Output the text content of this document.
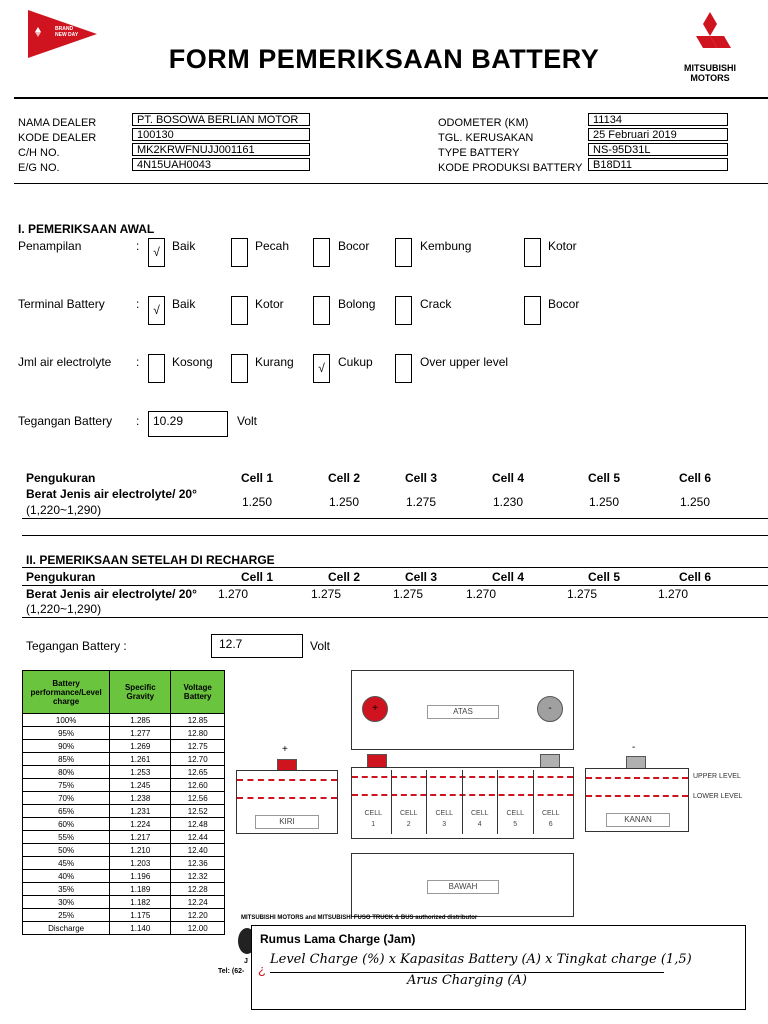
BRAND NEW DAY
FORM PEMERIKSAAN BATTERY	MITSUBISHI
MOTORS
NAMA DEALER	PT. BOSOWA BERLIAN MOTOR
KODE DEALER	100130
C/H NO.	MK2KRWFNUJJ001161
E/G NO.	4N15UAH0043
ODOMETER (KM)	11134
TGL. KERUSAKAN	25 Februari 2019
TYPE BATTERY	NS-95D31L
KODE PRODUKSI BATTERY B18D11
I. PEMERIKSAAN AWAL
Penampilan	:	√	Baik	Pecah	Bocor	Kembung	Kotor
Terminal Battery	:	√	Baik	Kotor	Bolong	Crack	Bocor
Jml air electrolyte :	Kosong	Kurang	√	Cukup	Over upper level
Tegangan Battery :	10.29	Volt
Pengukuran
Berat Jenis air electrolyte/ 20°
(1,220~1,290)
Cell 1	Cell 2	Cell 3	Cell 4	Cell 5	Cell 6
1.250	1.250	1.275	1.230	1.250	1.250
II. PEMERIKSAAN SETELAH DI RECHARGE
Pengukuran	Cell 1	Cell 2	Cell 3	Cell 4	Cell 5	Cell 6
Berat Jenis air electrolyte/ 20°
(1,220~1,290)
1.270	1.275	1.275	1.270	1.275	1.270
Tegangan Battery :	12.7	Volt
Battery performance/Level charge	Specific Gravity	Voltage Battery
100%	1.285	12.85
95%	1.277	12.80
90%	1.269	12.75
85%	1.261	12.70
80%	1.253	12.65
75%	1.245	12.60
70%	1.238	12.56
65%	1.231	12.52
60%	1.224	12.48
55%	1.217	12.44
50%	1.210	12.40
45%	1.203	12.36
40%	1.196	12.32
35%	1.189	12.28
30%	1.182	12.24
25%	1.175	12.20
Discharge	1.140	12.00
+	-
ATAS
+
KIRI
CELL
1
CELL
2
CELL
3
CELL
4
CELL
5
CELL
6
-
KANAN
UPPER LEVEL
LOWER LEVEL
BAWAH
MITSUBISHI MOTORS and MITSUBISHI FUSO TRUCK & BUS authorized distributor
J
Tel: (62-
Rumus Lama Charge (Jam)
¿
Level Charge (%) x Kapasitas Battery (A) x Tingkat charge (1,5)
Arus Charging (A)
